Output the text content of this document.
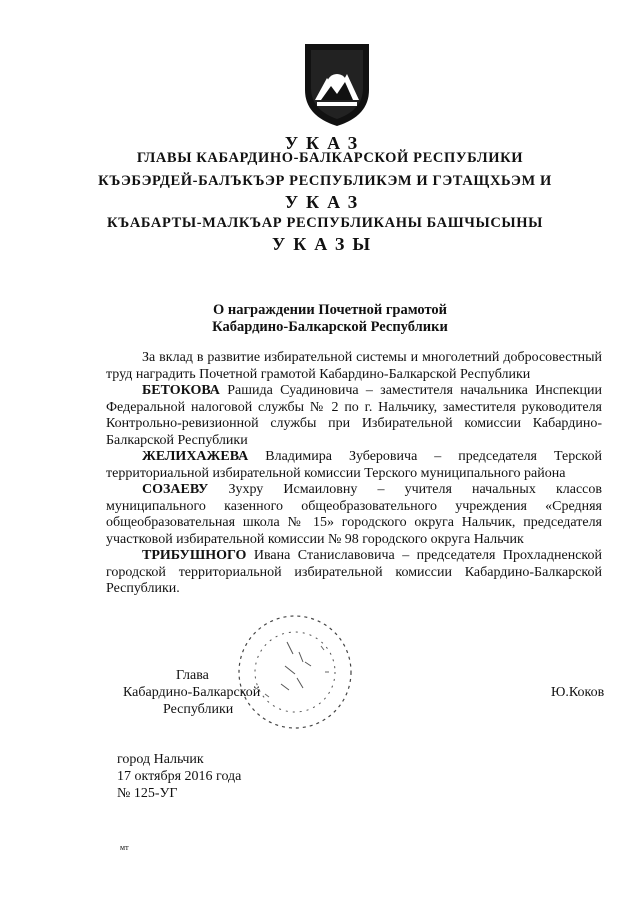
УКАЗ
ГЛАВЫ КАБАРДИНО-БАЛКАРСКОЙ РЕСПУБЛИКИ
КЪЭБЭРДЕЙ-БАЛЪКЪЭР РЕСПУБЛИКЭМ И ГЭТАЩХЬЭМ И
УКАЗ
КЪАБАРТЫ-МАЛКЪАР РЕСПУБЛИКАНЫ БАШЧЫСЫНЫ
УКАЗЫ
О награждении Почетной грамотой
Кабардино-Балкарской Республики

За вклад в развитие избирательной системы и многолетний добросовестный труд наградить Почетной грамотой Кабардино-Балкарской Республики

БЕТОКОВА Рашида Суадиновича – заместителя начальника Инспекции Федеральной налоговой службы № 2 по г. Нальчику, заместителя руководителя Контрольно-ревизионной службы при Избирательной комиссии Кабардино-Балкарской Республики

ЖЕЛИХАЖЕВА Владимира Зуберовича – председателя Терской территориальной избирательной комиссии Терского муниципального района

СОЗАЕВУ Зухру Исмаиловну – учителя начальных классов муниципального казенного общеобразовательного учреждения «Средняя общеобразовательная школа № 15» городского округа Нальчик, председателя участковой избирательной комиссии № 98 городского округа Нальчик

ТРИБУШНОГО Ивана Станиславовича – председателя Прохладненской городской территориальной избирательной комиссии Кабардино-Балкарской Республики.

Глава
Кабардино-Балкарской
Республики
Ю.Коков
город Нальчик
17 октября 2016 года
№ 125-УГ
мт
